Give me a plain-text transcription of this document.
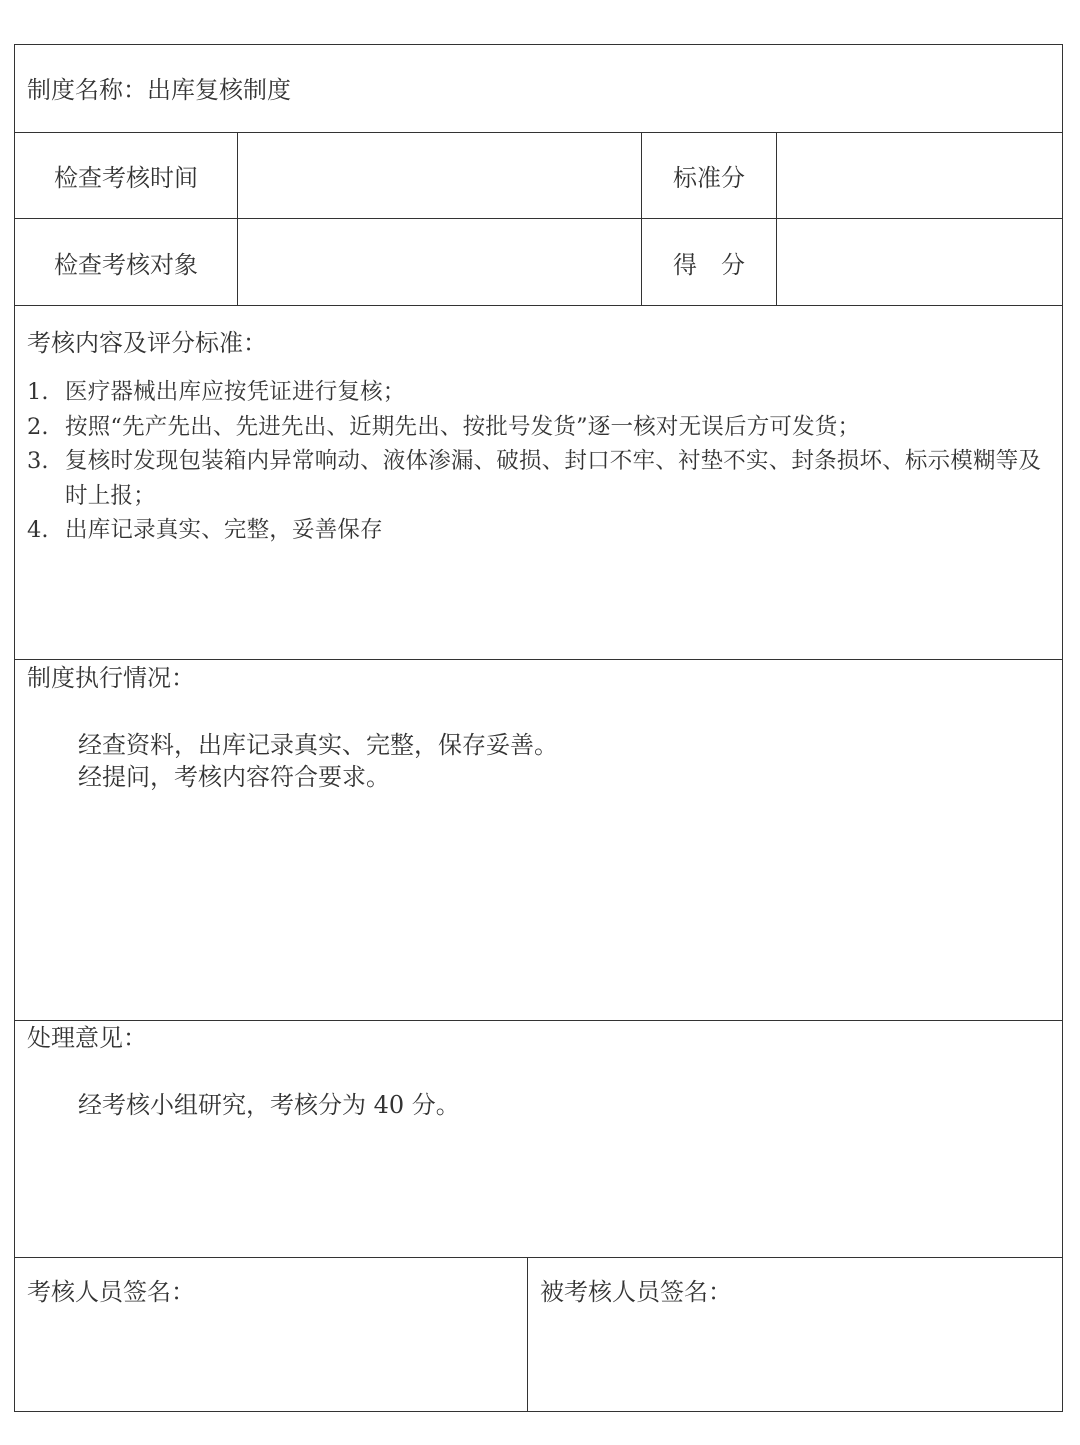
制度名称：出库复核制度
检查考核时间	标准分
检查考核对象	得　分
考核内容及评分标准：
1. 医疗器械出库应按凭证进行复核；
2. 按照“先产先出、先进先出、近期先出、按批号发货”逐一核对无误后方可发货；
3. 复核时发现包装箱内异常响动、液体渗漏、破损、封口不牢、衬垫不实、封条损坏、标示模糊等及时上报；
4. 出库记录真实、完整，妥善保存
制度执行情况：
经查资料，出库记录真实、完整，保存妥善。
经提问，考核内容符合要求。
处理意见：
经考核小组研究，考核分为 40 分。
考核人员签名：	被考核人员签名：
